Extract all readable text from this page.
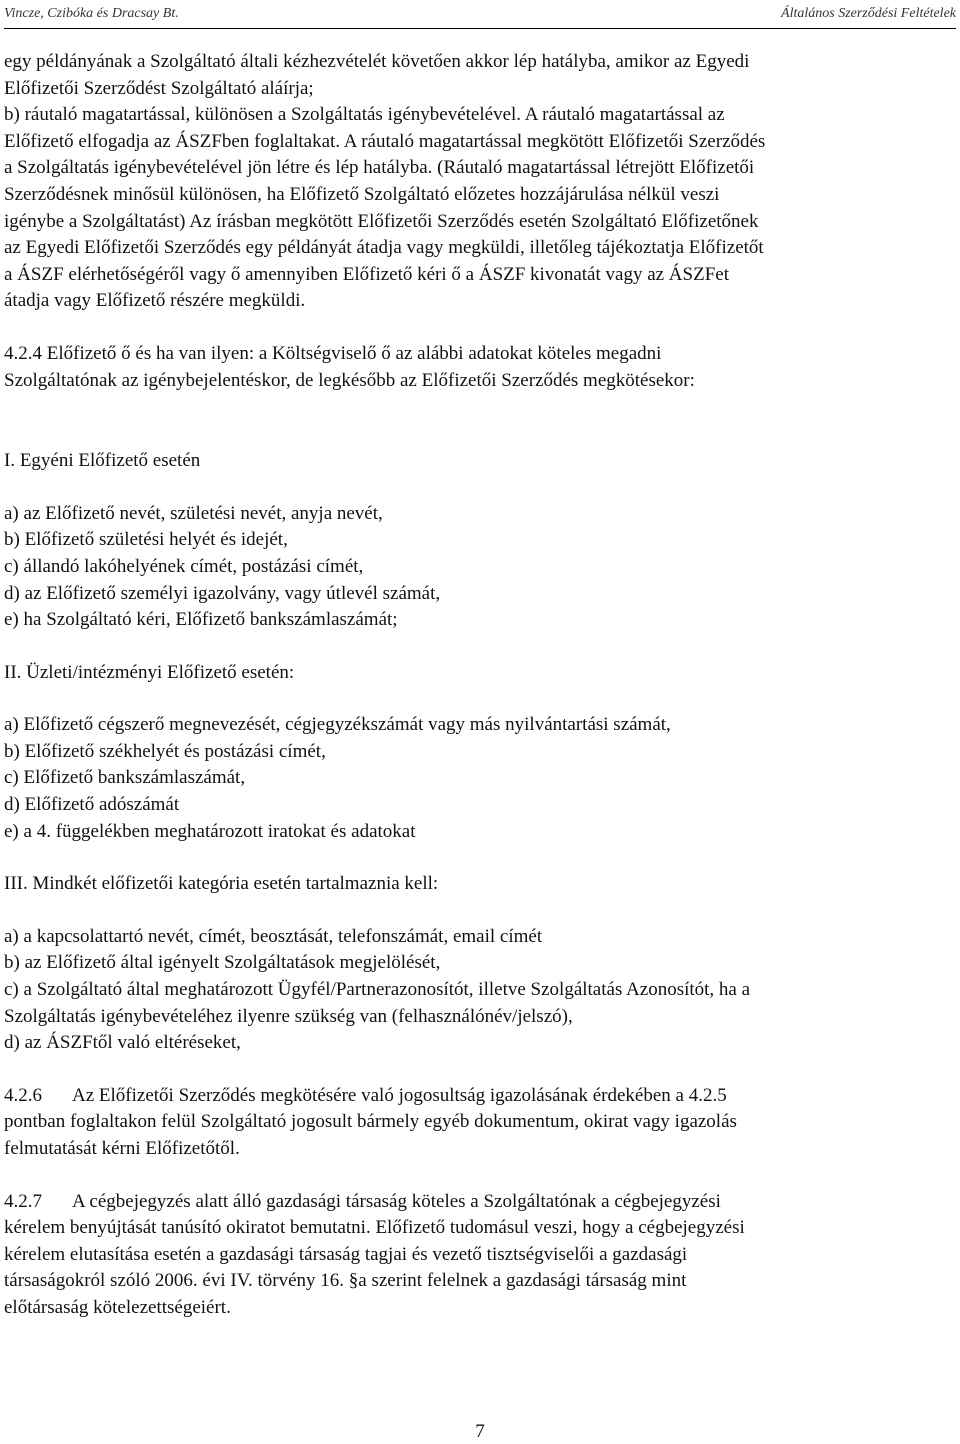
Vincze, Czibóka és Dracsay Bt.	Általános Szerződési Feltételek

egy példányának a Szolgáltató általi kézhezvételét követően akkor lép hatályba, amikor az Egyedi

Előfizetői Szerződést Szolgáltató aláírja;

b) ráutaló magatartással, különösen a Szolgáltatás igénybevételével. A ráutaló magatartással az

Előfizető elfogadja az ÁSZFben foglaltakat. A ráutaló magatartással megkötött Előfizetői Szerződés

a Szolgáltatás igénybevételével jön létre és lép hatályba. (Ráutaló magatartással létrejött Előfizetői

Szerződésnek minősül különösen, ha Előfizető Szolgáltató előzetes hozzájárulása nélkül veszi

igénybe a Szolgáltatást) Az írásban megkötött Előfizetői Szerződés esetén Szolgáltató Előfizetőnek

az Egyedi Előfizetői Szerződés egy példányát átadja vagy megküldi, illetőleg tájékoztatja Előfizetőt

a ÁSZF elérhetőségéről vagy ő amennyiben Előfizető kéri ő a ÁSZF kivonatát vagy az ÁSZFet

átadja vagy Előfizető részére megküldi.

4.2.4 Előfizető ő és ha van ilyen: a Költségviselő ő az alábbi adatokat köteles megadni

Szolgáltatónak az igénybejelentéskor, de legkésőbb az Előfizetői Szerződés megkötésekor:

I. Egyéni Előfizető esetén

a) az Előfizető nevét, születési nevét, anyja nevét,

b) Előfizető születési helyét és idejét,

c) állandó lakóhelyének címét, postázási címét,

d) az Előfizető személyi igazolvány, vagy útlevél számát,

e) ha Szolgáltató kéri, Előfizető bankszámlaszámát;

II. Üzleti/intézményi Előfizető esetén:

a) Előfizető cégszerő megnevezését, cégjegyzékszámát vagy más nyilvántartási számát,

b) Előfizető székhelyét és postázási címét,

c) Előfizető bankszámlaszámát,

d) Előfizető adószámát

e) a 4. függelékben meghatározott iratokat és adatokat

III. Mindkét előfizetői kategória esetén tartalmaznia kell:

a) a kapcsolattartó nevét, címét, beosztását, telefonszámát, email címét

b) az Előfizető által igényelt Szolgáltatások megjelölését,

c) a Szolgáltató által meghatározott Ügyfél/Partnerazonosítót, illetve Szolgáltatás Azonosítót, ha a

Szolgáltatás igénybevételéhez ilyenre szükség van (felhasználónév/jelszó),

d) az ÁSZFtől való eltéréseket,

4.2.6 Az Előfizetői Szerződés megkötésére való jogosultság igazolásának érdekében a 4.2.5

pontban foglaltakon felül Szolgáltató jogosult bármely egyéb dokumentum, okirat vagy igazolás

felmutatását kérni Előfizetőtől.

4.2.7 A cégbejegyzés alatt álló gazdasági társaság köteles a Szolgáltatónak a cégbejegyzési

kérelem benyújtását tanúsító okiratot bemutatni. Előfizető tudomásul veszi, hogy a cégbejegyzési

kérelem elutasítása esetén a gazdasági társaság tagjai és vezető tisztségviselői a gazdasági

társaságokról szóló 2006. évi IV. törvény 16. §a szerint felelnek a gazdasági társaság mint

előtársaság kötelezettségeiért.

7
